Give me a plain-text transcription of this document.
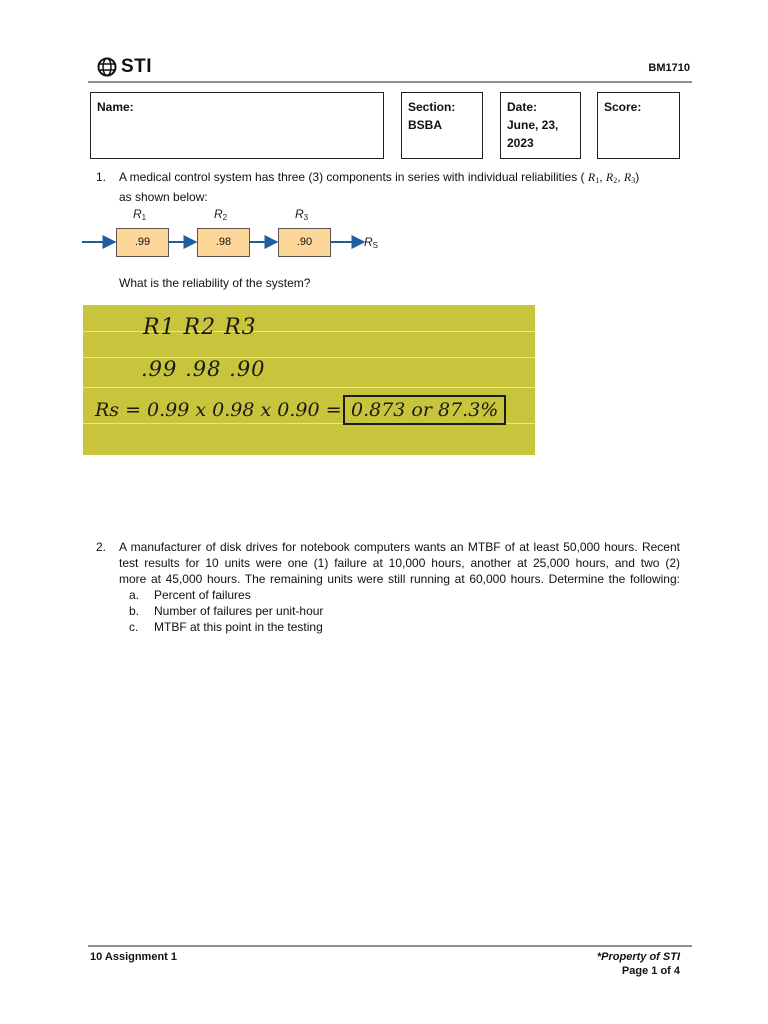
STI	BM1710
Name:	Section:
BSBA
Date:
June, 23,
2023
Score:
1. A medical control system has three (3) components in series with individual reliabilities ( $R_1$, $R_2$, $R_3$)
as shown below:
$R_1$	$R_2$	$R_3$
.99	.98	.90	$R_S$
What is the reliability of the system?
R1 R2 R3
.99 .98 .90
Rs = 0.99 x 0.98 x 0.90 = 0.873 or 87.3%
2. A manufacturer of disk drives for notebook computers wants an MTBF of at least 50,000 hours. Recent
test results for 10 units were one (1) failure at 10,000 hours, another at 25,000 hours, and two (2)
more at 45,000 hours. The remaining units were still running at 60,000 hours. Determine the following:
a. Percent of failures
b. Number of failures per unit-hour
c. MTBF at this point in the testing
10 Assignment 1	*Property of STI
Page 1 of 4
